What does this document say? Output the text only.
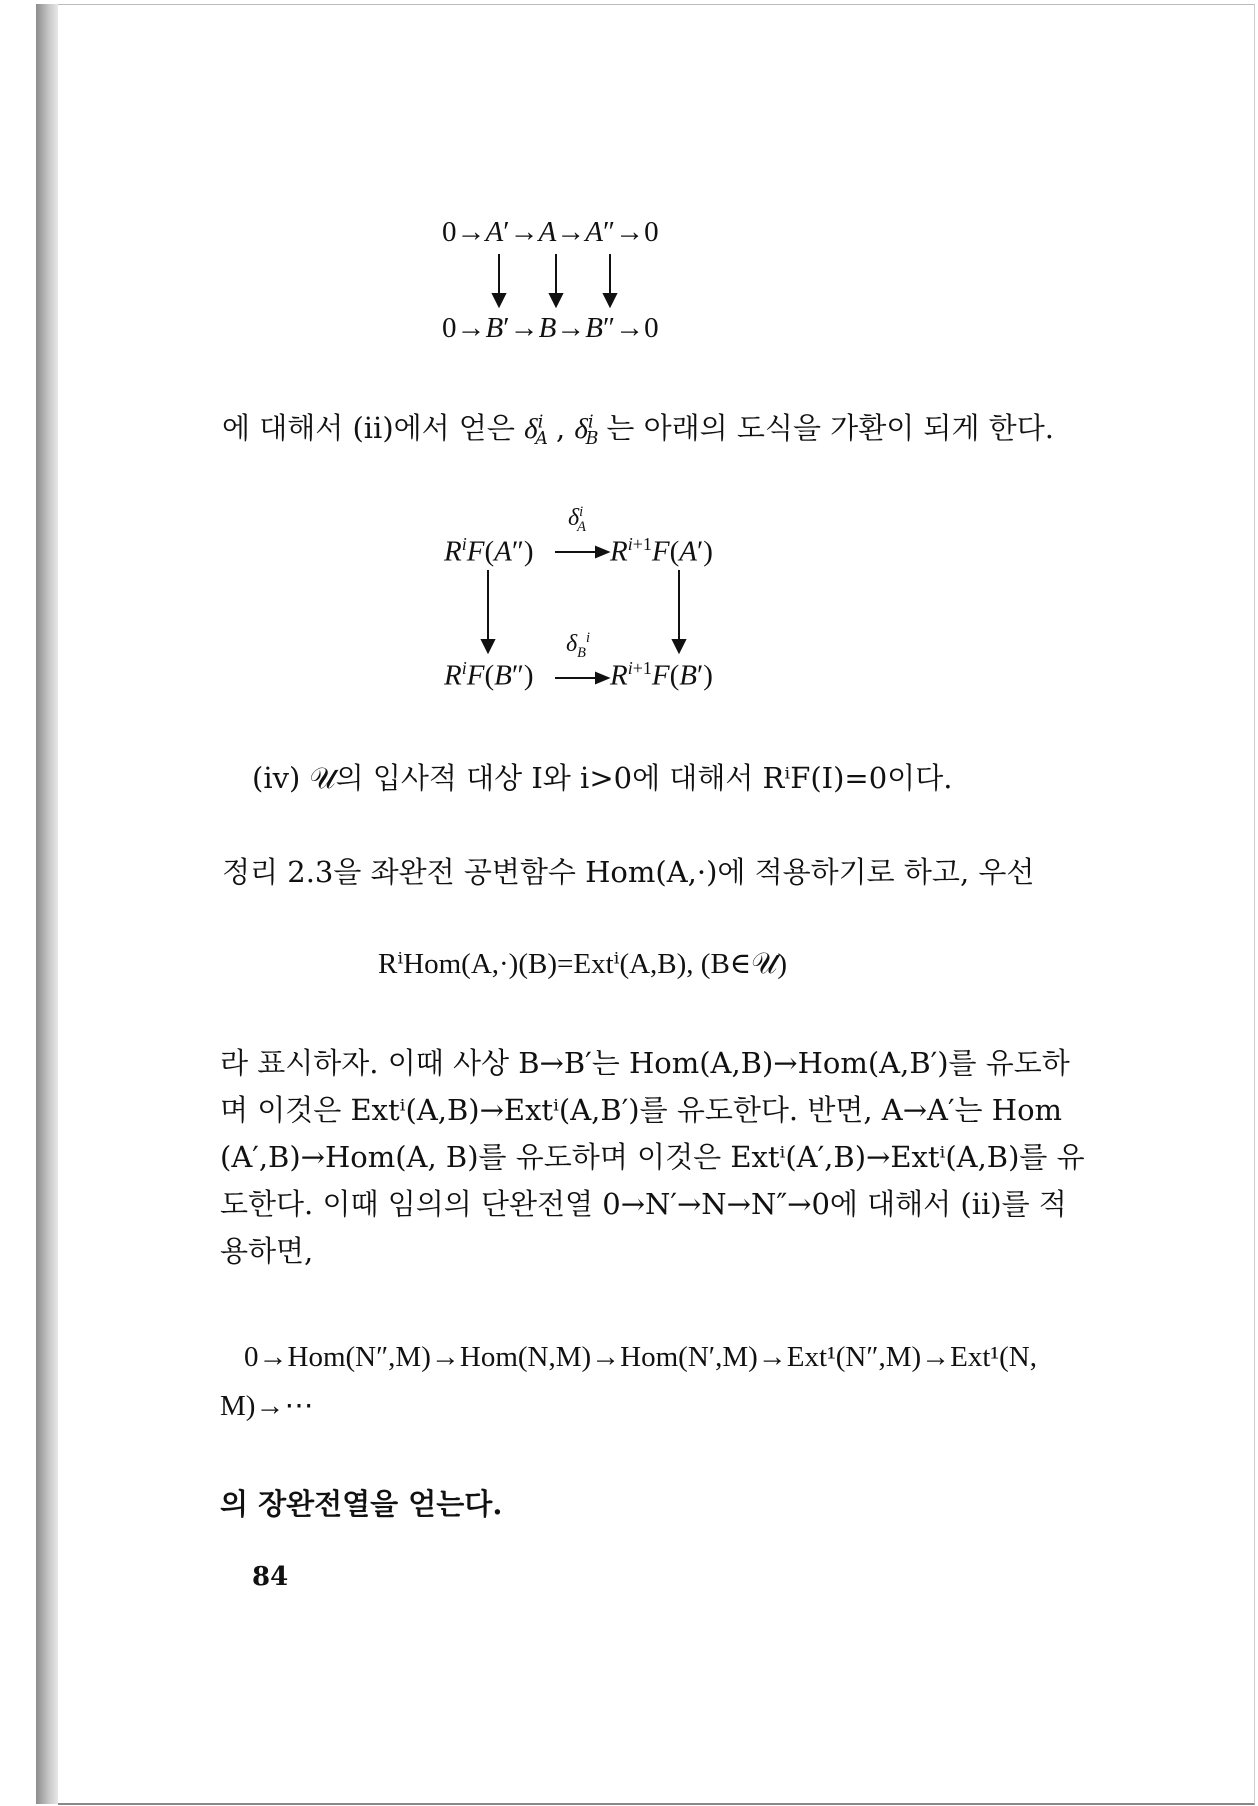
0→A′→A→A″→0
0→B′→B→B″→0
에 대해서 (ⅱ)에서 얻은 $\delta^i_A$ , $\delta^i_B$ 는 아래의 도식을 가환이 되게 한다.
$\delta^i_A$
$R^iF(A'')$	$R^{i+1}F(A')$
$\delta_B^i$
$R^iF(B'')$	$R^{i+1}F(B')$
(iv) 𝒰의 입사적 대상 I와 i>0에 대해서 RⁱF(I)=0이다.
정리 2.3을 좌완전 공변함수 Hom(A,·)에 적용하기로 하고, 우선
RⁱHom(A,·)(B)=Extⁱ(A,B), (B∈𝒰)
라 표시하자. 이때 사상 B→B′는 Hom(A,B)→Hom(A,B′)를 유도하
며 이것은 Extⁱ(A,B)→Extⁱ(A,B′)를 유도한다. 반면, A→A′는 Hom
(A′,B)→Hom(A, B)를 유도하며 이것은 Extⁱ(A′,B)→Extⁱ(A,B)를 유
도한다. 이때 임의의 단완전열 0→N′→N→N″→0에 대해서 (ⅱ)를 적
용하면,
0→Hom(N″,M)→Hom(N,M)→Hom(N′,M)→Ext¹(N″,M)→Ext¹(N,
M)→⋯
의 장완전열을 얻는다.
84
